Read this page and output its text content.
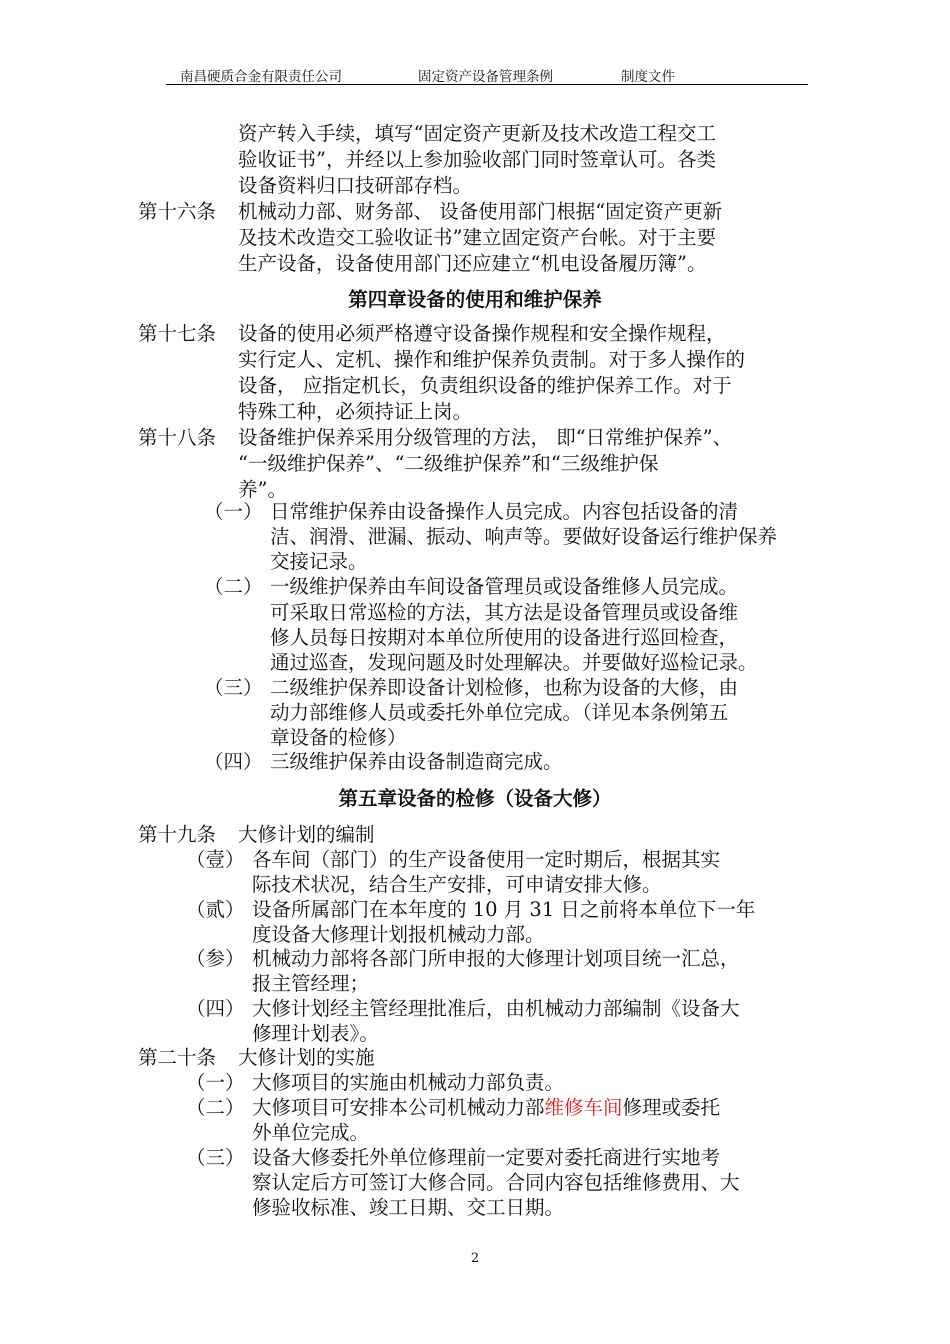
南昌硬质合金有限责任公司	固定资产设备管理条例	制度文件
资产转入手续，填写“固定资产更新及技术改造工程交工
验收证书”，并经以上参加验收部门同时签章认可。各类
设备资料归口技研部存档。
第十六条 机械动力部、财务部、 设备使用部门根据“固定资产更新
及技术改造交工验收证书”建立固定资产台帐。对于主要
生产设备，设备使用部门还应建立“机电设备履历簿”。
第四章设备的使用和维护保养
第十七条 设备的使用必须严格遵守设备操作规程和安全操作规程，
实行定人、定机、操作和维护保养负责制。对于多人操作的
设备， 应指定机长，负责组织设备的维护保养工作。对于
特殊工种，必须持证上岗。
第十八条 设备维护保养采用分级管理的方法， 即“日常维护保养”、
“一级维护保养”、“二级维护保养”和“三级维护保
养”。
（一） 日常维护保养由设备操作人员完成。内容包括设备的清
洁、润滑、泄漏、振动、响声等。要做好设备运行维护保养
交接记录。
（二） 一级维护保养由车间设备管理员或设备维修人员完成。
可采取日常巡检的方法，其方法是设备管理员或设备维
修人员每日按期对本单位所使用的设备进行巡回检查，
通过巡查，发现问题及时处理解决。并要做好巡检记录。
（三） 二级维护保养即设备计划检修，也称为设备的大修，由
动力部维修人员或委托外单位完成。（详见本条例第五
章设备的检修）
（四） 三级维护保养由设备制造商完成。
第五章设备的检修（设备大修）
第十九条 大修计划的编制
（壹） 各车间（部门）的生产设备使用一定时期后，根据其实
际技术状况，结合生产安排，可申请安排大修。
（贰） 设备所属部门在本年度的 10 月 31 日之前将本单位下一年
度设备大修理计划报机械动力部。
（参） 机械动力部将各部门所申报的大修理计划项目统一汇总，
报主管经理；
（四） 大修计划经主管经理批准后，由机械动力部编制《设备大
修理计划表》。
第二十条 大修计划的实施
（一） 大修项目的实施由机械动力部负责。
（二） 大修项目可安排本公司机械动力部维修车间修理或委托
外单位完成。
（三） 设备大修委托外单位修理前一定要对委托商进行实地考
察认定后方可签订大修合同。合同内容包括维修费用、大
修验收标准、竣工日期、交工日期。
2
